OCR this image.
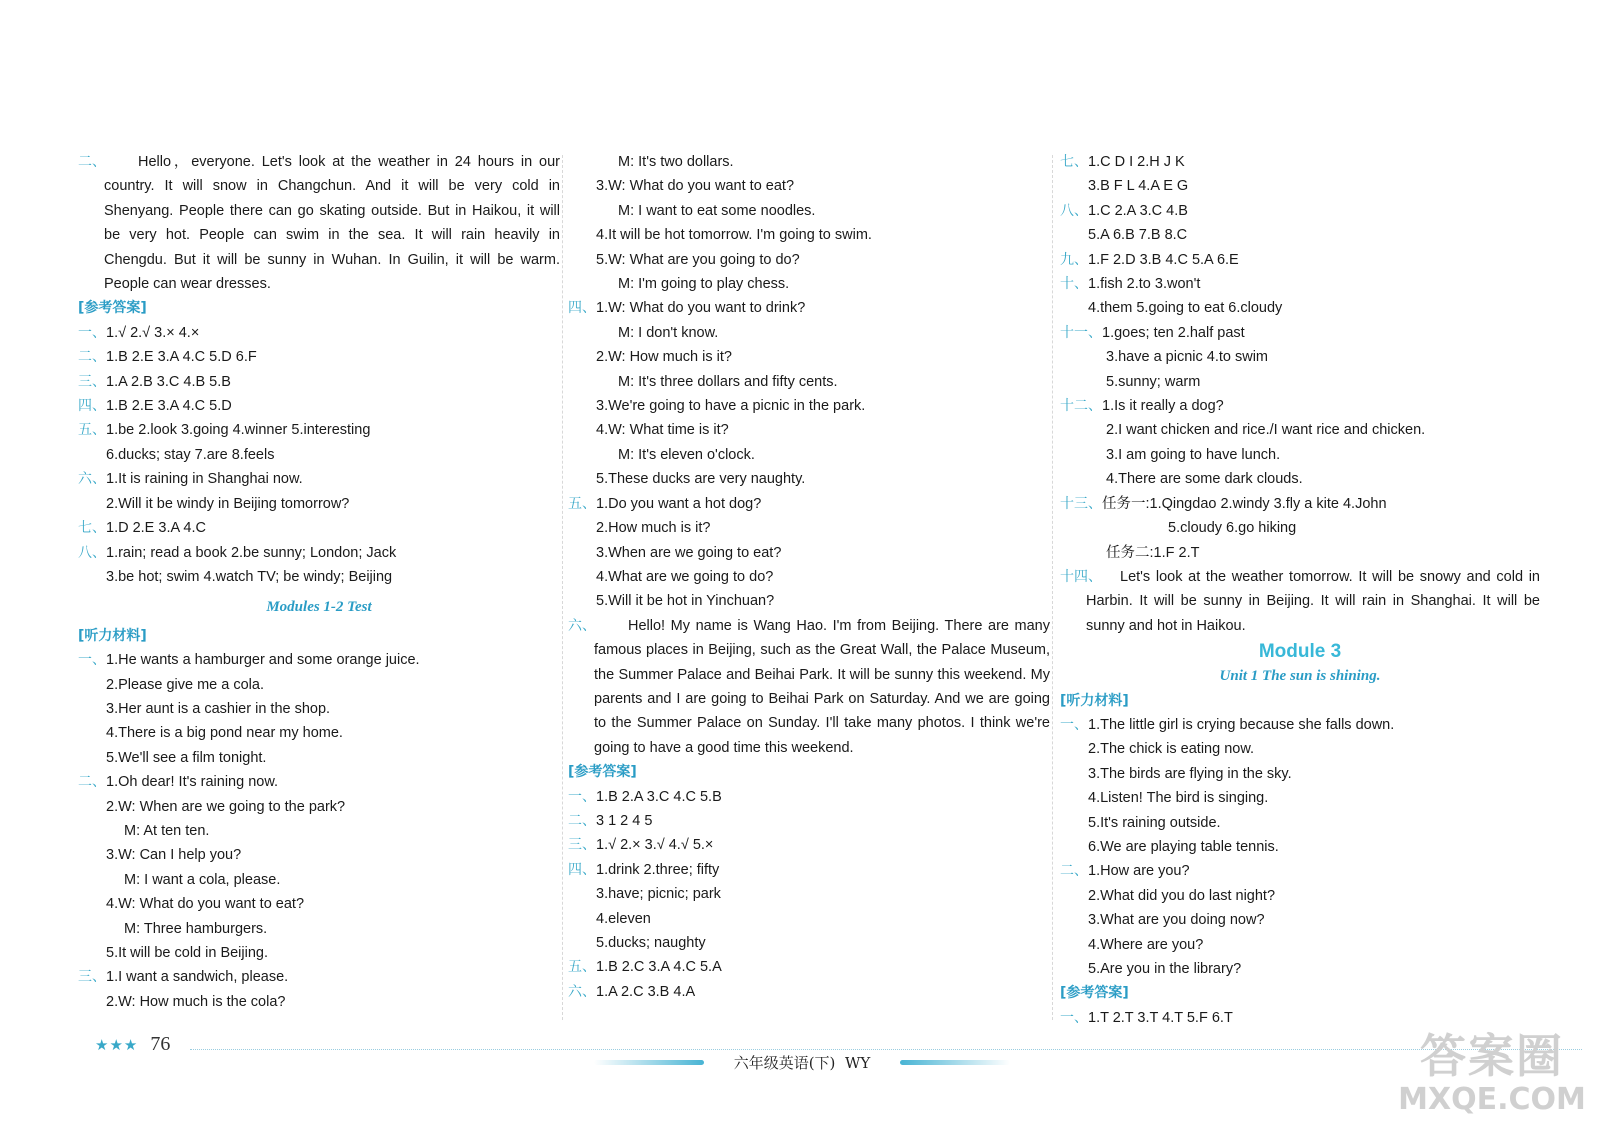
二、	Hello，everyone. Let's look at the weather in 24 hours in our country. It will snow in Changchun. And it will be very cold in Shenyang. People there can go skating outside. But in Haikou, it will be very hot. People can swim in the sea. It will rain heavily in Chengdu. But it will be sunny in Wuhan. In Guilin, it will be warm. People can wear dresses.
[参考答案]
一、1.√ 2.√ 3.× 4.×
二、1.B 2.E 3.A 4.C 5.D 6.F
三、1.A 2.B 3.C 4.B 5.B
四、1.B 2.E 3.A 4.C 5.D
五、1.be 2.look 3.going 4.winner 5.interesting
6.ducks; stay 7.are 8.feels
六、1.It is raining in Shanghai now.
2.Will it be windy in Beijing tomorrow?
七、1.D 2.E 3.A 4.C
八、1.rain; read a book 2.be sunny; London; Jack
3.be hot; swim 4.watch TV; be windy; Beijing
Modules 1-2 Test
[听力材料]
一、1.He wants a hamburger and some orange juice.
2.Please give me a cola.
3.Her aunt is a cashier in the shop.
4.There is a big pond near my home.
5.We'll see a film tonight.
二、1.Oh dear! It's raining now.
2.W: When are we going to the park?
M: At ten ten.
3.W: Can I help you?
M: I want a cola, please.
4.W: What do you want to eat?
M: Three hamburgers.
5.It will be cold in Beijing.
三、1.I want a sandwich, please.
2.W: How much is the cola?
M: It's two dollars.
3.W: What do you want to eat?
M: I want to eat some noodles.
4.It will be hot tomorrow. I'm going to swim.
5.W: What are you going to do?
M: I'm going to play chess.
四、1.W: What do you want to drink?
M: I don't know.
2.W: How much is it?
M: It's three dollars and fifty cents.
3.We're going to have a picnic in the park.
4.W: What time is it?
M: It's eleven o'clock.
5.These ducks are very naughty.
五、1.Do you want a hot dog?
2.How much is it?
3.When are we going to eat?
4.What are we going to do?
5.Will it be hot in Yinchuan?
六、	Hello! My name is Wang Hao. I'm from Beijing. There are many famous places in Beijing, such as the Great Wall, the Palace Museum, the Summer Palace and Beihai Park. It will be sunny this weekend. My parents and I are going to Beihai Park on Saturday. And we are going to the Summer Palace on Sunday. I'll take many photos. I think we're going to have a good time this weekend.
[参考答案]
一、1.B 2.A 3.C 4.C 5.B
二、3 1 2 4 5
三、1.√ 2.× 3.√ 4.√ 5.×
四、1.drink 2.three; fifty
3.have; picnic; park
4.eleven
5.ducks; naughty
五、1.B 2.C 3.A 4.C 5.A
六、1.A 2.C 3.B 4.A
七、1.C D I 2.H J K
3.B F L 4.A E G
八、1.C 2.A 3.C 4.B
5.A 6.B 7.B 8.C
九、1.F 2.D 3.B 4.C 5.A 6.E
十、1.fish 2.to 3.won't
4.them 5.going to eat 6.cloudy
十一、1.goes; ten 2.half past
3.have a picnic 4.to swim
5.sunny; warm
十二、1.Is it really a dog?
2.I want chicken and rice./I want rice and chicken.
3.I am going to have lunch.
4.There are some dark clouds.
十三、任务一:1.Qingdao 2.windy 3.fly a kite 4.John
5.cloudy 6.go hiking
任务二:1.F 2.T
十四、	Let's look at the weather tomorrow. It will be snowy and cold in Harbin. It will be sunny in Beijing. It will rain in Shanghai. It will be sunny and hot in Haikou.
Module 3
Unit 1 The sun is shining.
[听力材料]
一、1.The little girl is crying because she falls down.
2.The chick is eating now.
3.The birds are flying in the sky.
4.Listen! The bird is singing.
5.It's raining outside.
6.We are playing table tennis.
二、1.How are you?
2.What did you do last night?
3.What are you doing now?
4.Where are you?
5.Are you in the library?
[参考答案]
一、1.T 2.T 3.T 4.T 5.F 6.T
★★★ 76
六年级英语(下) WY	答案圈
MXQE.COM
